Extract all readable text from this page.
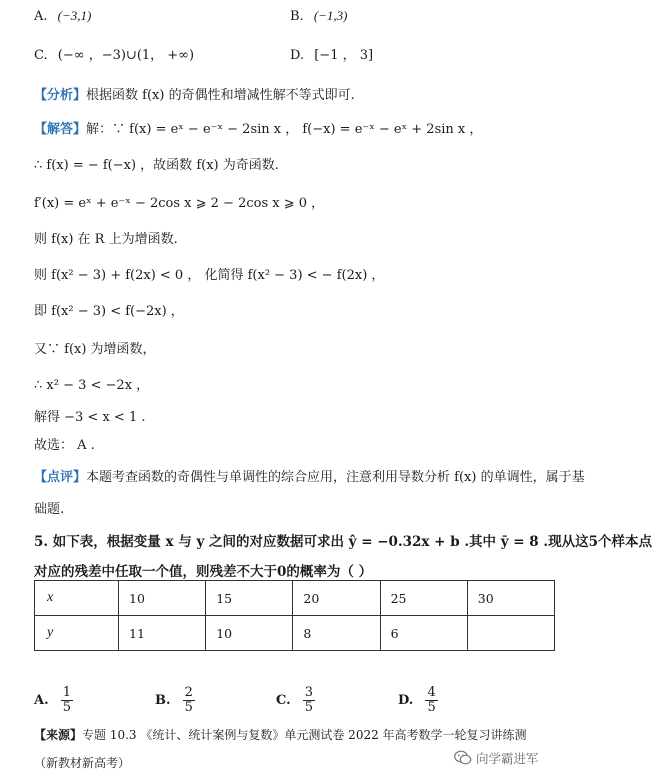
A. (−3,1)	B. (−1,3)
C. (−∞ ，−3)∪(1， +∞)	D. [−1 ， 3]
【分析】根据函数 f(x) 的奇偶性和增减性解不等式即可.
【解答】解：∵ f(x) = eˣ − e⁻ˣ − 2sin x ， f(−x) = e⁻ˣ − eˣ + 2sin x ，
∴ f(x) = − f(−x) ，故函数 f(x) 为奇函数.
f′(x) = eˣ + e⁻ˣ − 2cos x ⩾ 2 − 2cos x ⩾ 0 ，
则 f(x) 在 R 上为增函数.
则 f(x² − 3) + f(2x) < 0 ， 化简得 f(x² − 3) < − f(2x) ，
即 f(x² − 3) < f(−2x) ，
又∵ f(x) 为增函数，
∴ x² − 3 < −2x ，
解得 −3 < x < 1 .
故选： A .
【点评】本题考查函数的奇偶性与单调性的综合应用，注意利用导数分析 f(x) 的单调性，属于基
础题.
5. 如下表，根据变量 x 与 y 之间的对应数据可求出 ŷ = −0.32x + b .其中 ȳ = 8 .现从这5个样本点
对应的残差中任取一个值，则残差不大于0的概率为（ ）
x	10	15	20	25	30
y	11	10	8	6	
A. $\frac{1}{5}$	B. $\frac{2}{5}$	C. $\frac{3}{5}$	D. $\frac{4}{5}$
【来源】专题 10.3 《统计、统计案例与复数》单元测试卷 2022 年高考数学一轮复习讲练测
（新教材新高考）	向学霸进军
